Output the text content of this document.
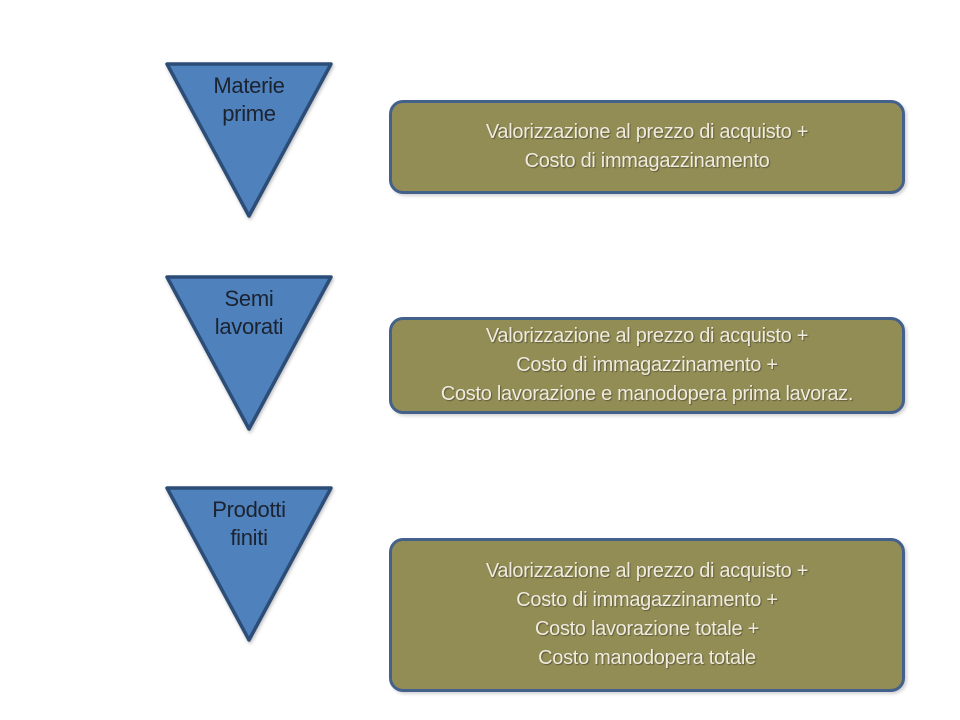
Materie
prime
Valorizzazione al prezzo di acquisto +
Costo di immagazzinamento
Semi
lavorati	Valorizzazione al prezzo di acquisto +
Costo di immagazzinamento +
Costo lavorazione e manodopera prima lavoraz.
Prodotti
finiti
Valorizzazione al prezzo di acquisto +
Costo di immagazzinamento +
Costo lavorazione totale +
Costo manodopera totale
